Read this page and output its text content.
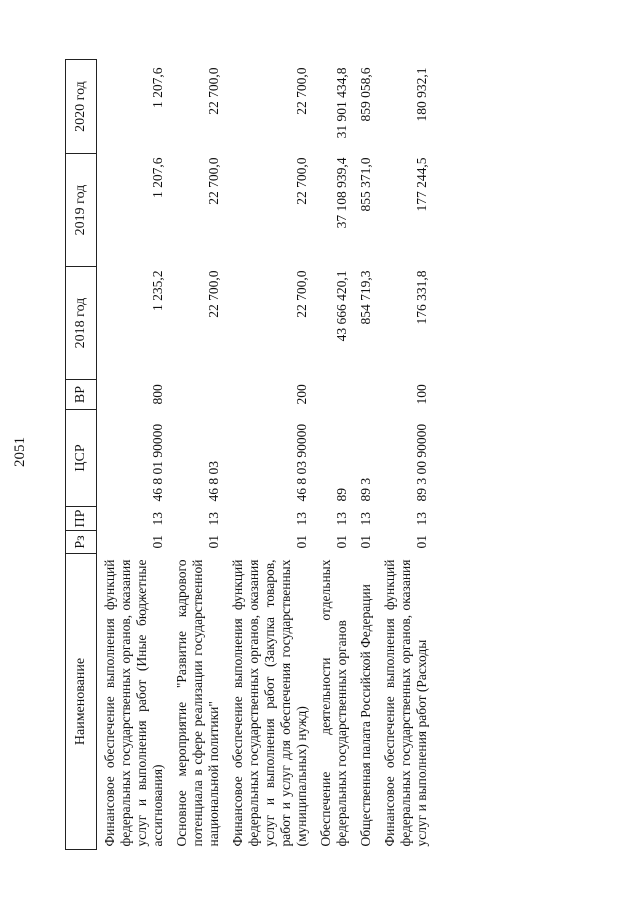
2051
Наименование	Рз	ПР	ЦСР	ВР	2018 год	2019 год	2020 год
Финансовое обеспечение выполнения функций федеральных государственных органов, оказания услуг и выполнения работ (Иные бюджетные ассигнования)	01	13	46 8 01 90000	800	1 235,2	1 207,6	1 207,6
Основное мероприятие "Развитие кадрового потенциала в сфере реализации государственной национальной политики"	01	13	46 8 03		22 700,0	22 700,0	22 700,0
Финансовое обеспечение выполнения функций федеральных государственных органов, оказания услуг и выполнения работ (Закупка товаров, работ и услуг для обеспечения государственных (муниципальных) нужд)	01	13	46 8 03 90000	200	22 700,0	22 700,0	22 700,0
Обеспечение деятельности отдельных федеральных государственных органов	01	13	89		43 666 420,1	37 108 939,4	31 901 434,8
Общественная палата Российской Федерации	01	13	89 3		854 719,3	855 371,0	859 058,6
Финансовое обеспечение выполнения функций федеральных государственных органов, оказания услуг и выполнения работ (Расходы	01	13	89 3 00 90000	100	176 331,8	177 244,5	180 932,1
